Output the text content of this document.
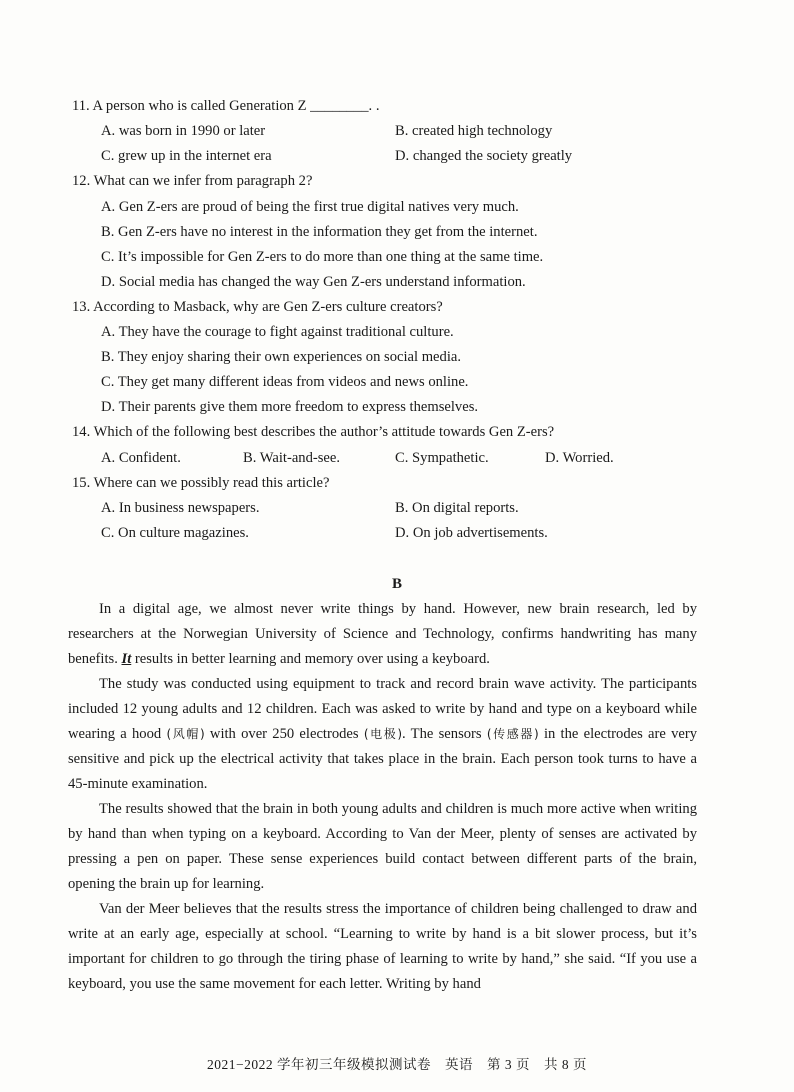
11. A person who is called Generation Z ________. .
A. was born in 1990 or later	B. created high technology
C. grew up in the internet era	D. changed the society greatly
12. What can we infer from paragraph 2?
A. Gen Z-ers are proud of being the first true digital natives very much.
B. Gen Z-ers have no interest in the information they get from the internet.
C. It’s impossible for Gen Z-ers to do more than one thing at the same time.
D. Social media has changed the way Gen Z-ers understand information.
13. According to Masback, why are Gen Z-ers culture creators?
A. They have the courage to fight against traditional culture.
B. They enjoy sharing their own experiences on social media.
C. They get many different ideas from videos and news online.
D. Their parents give them more freedom to express themselves.
14. Which of the following best describes the author’s attitude towards Gen Z-ers?
A. Confident.	B. Wait-and-see.	C. Sympathetic.	D. Worried.
15. Where can we possibly read this article?
A. In business newspapers.	B. On digital reports.
C. On culture magazines.	D. On job advertisements.
B

In a digital age, we almost never write things by hand. However, new brain research, led by researchers at the Norwegian University of Science and Technology, confirms handwriting has many benefits. It results in better learning and memory over using a keyboard.

The study was conducted using equipment to track and record brain wave activity. The participants included 12 young adults and 12 children. Each was asked to write by hand and type on a keyboard while wearing a hood (风帽) with over 250 electrodes (电极). The sensors (传感器) in the electrodes are very sensitive and pick up the electrical activity that takes place in the brain. Each person took turns to have a 45-minute examination.

The results showed that the brain in both young adults and children is much more active when writing by hand than when typing on a keyboard. According to Van der Meer, plenty of senses are activated by pressing a pen on paper. These sense experiences build contact between different parts of the brain, opening the brain up for learning.

Van der Meer believes that the results stress the importance of children being challenged to draw and write at an early age, especially at school. “Learning to write by hand is a bit slower process, but it’s important for children to go through the tiring phase of learning to write by hand,” she said. “If you use a keyboard, you use the same movement for each letter. Writing by hand

2021−2022 学年初三年级模拟测试卷　英语　第 3 页　共 8 页
